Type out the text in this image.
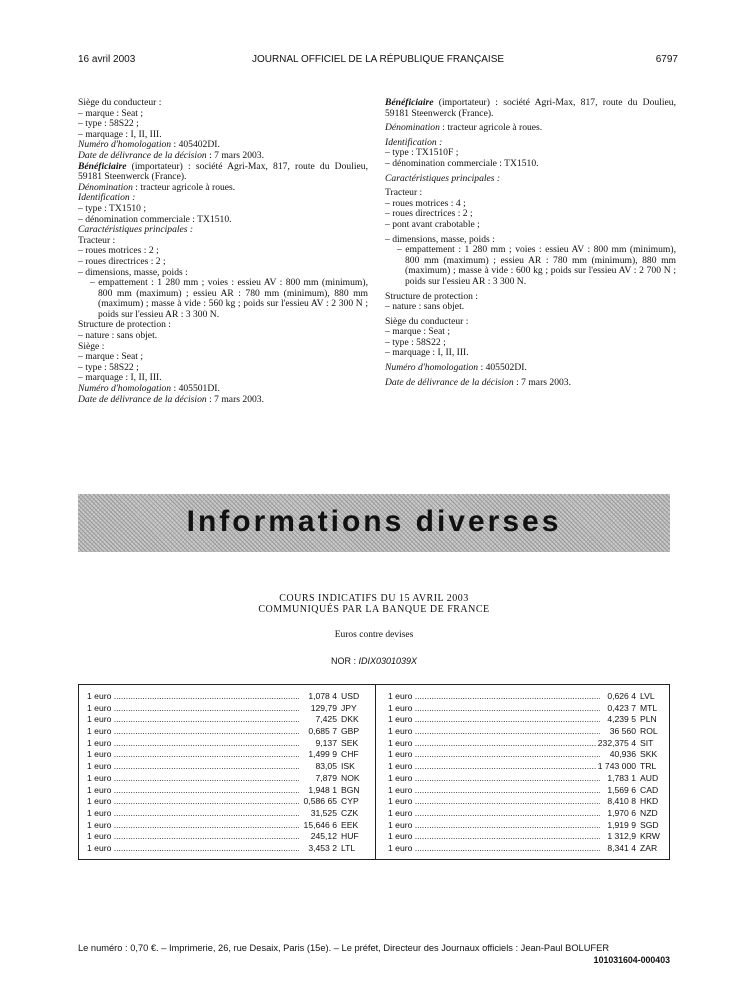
16 avril 2003	JOURNAL OFFICIEL DE LA RÉPUBLIQUE FRANÇAISE	6797

Siège du conducteur :

– marque : Seat ;

– type : 58S22 ;

– marquage : I, II, III.

Numéro d'homologation : 405402DI.

Date de délivrance de la décision : 7 mars 2003.

Bénéficiaire (importateur) : société Agri-Max, 817, route du Doulieu, 59181 Steenwerck (France).

Dénomination : tracteur agricole à roues.

Identification :

– type : TX1510 ;

– dénomination commerciale : TX1510.

Caractéristiques principales :

Tracteur :

– roues motrices : 2 ;

– roues directrices : 2 ;

– dimensions, masse, poids :

– empattement : 1 280 mm ; voies : essieu AV : 800 mm (minimum), 800 mm (maximum) ; essieu AR : 780 mm (minimum), 880 mm (maximum) ; masse à vide : 560 kg ; poids sur l'essieu AV : 2 300 N ; poids sur l'essieu AR : 3 300 N.

Structure de protection :

– nature : sans objet.

Siège :

– marque : Seat ;

– type : 58S22 ;

– marquage : I, II, III.

Numéro d'homologation : 405501DI.

Date de délivrance de la décision : 7 mars 2003.

Bénéficiaire (importateur) : société Agri-Max, 817, route du Doulieu, 59181 Steenwerck (France).

Dénomination : tracteur agricole à roues.

Identification :

– type : TX1510F ;

– dénomination commerciale : TX1510.

Caractéristiques principales :

Tracteur :

– roues motrices : 4 ;

– roues directrices : 2 ;

– pont avant crabotable ;

– dimensions, masse, poids :

– empattement : 1 280 mm ; voies : essieu AV : 800 mm (minimum), 800 mm (maximum) ; essieu AR : 780 mm (minimum), 880 mm (maximum) ; masse à vide : 600 kg ; poids sur l'essieu AV : 2 700 N ; poids sur l'essieu AR : 3 300 N.

Structure de protection :

– nature : sans objet.

Siège du conducteur :

– marque : Seat ;

– type : 58S22 ;

– marquage : I, II, III.

Numéro d'homologation : 405502DI.

Date de délivrance de la décision : 7 mars 2003.

Informations diverses
COURS INDICATIFS DU 15 AVRIL 2003
COMMUNIQUÉS PAR LA BANQUE DE FRANCE
Euros contre devises
NOR : IDIX0301039X
1 euro .....	1,078 4 USD
1 euro .....	129,79 JPY
1 euro .....	7,425 DKK
1 euro .....	0,685 7 GBP
1 euro .....	9,137 SEK
1 euro .....	1,499 9 CHF
1 euro .....	83,05 ISK
1 euro .....	7,879 NOK
1 euro .....	1,948 1 BGN
1 euro .....	0,586 65 CYP
1 euro .....	31,525 CZK
1 euro .....	15,646 6 EEK
1 euro .....	245,12 HUF
1 euro .....	3,453 2 LTL
1 euro .....	0,626 4 LVL
1 euro .....	0,423 7 MTL
1 euro .....	4,239 5 PLN
1 euro .....	36 560 ROL
1 euro .....	232,375 4 SIT
1 euro .....	40,936 SKK
1 euro .....	1 743 000 TRL
1 euro .....	1,783 1 AUD
1 euro .....	1,569 6 CAD
1 euro .....	8,410 8 HKD
1 euro .....	1,970 6 NZD
1 euro .....	1,919 9 SGD
1 euro .....	1 312,9 KRW
1 euro .....	8,341 4 ZAR
Le numéro : 0,70 €. – Imprimerie, 26, rue Desaix, Paris (15e). – Le préfet, Directeur des Journaux officiels : Jean-Paul BOLUFER
101031604-000403
